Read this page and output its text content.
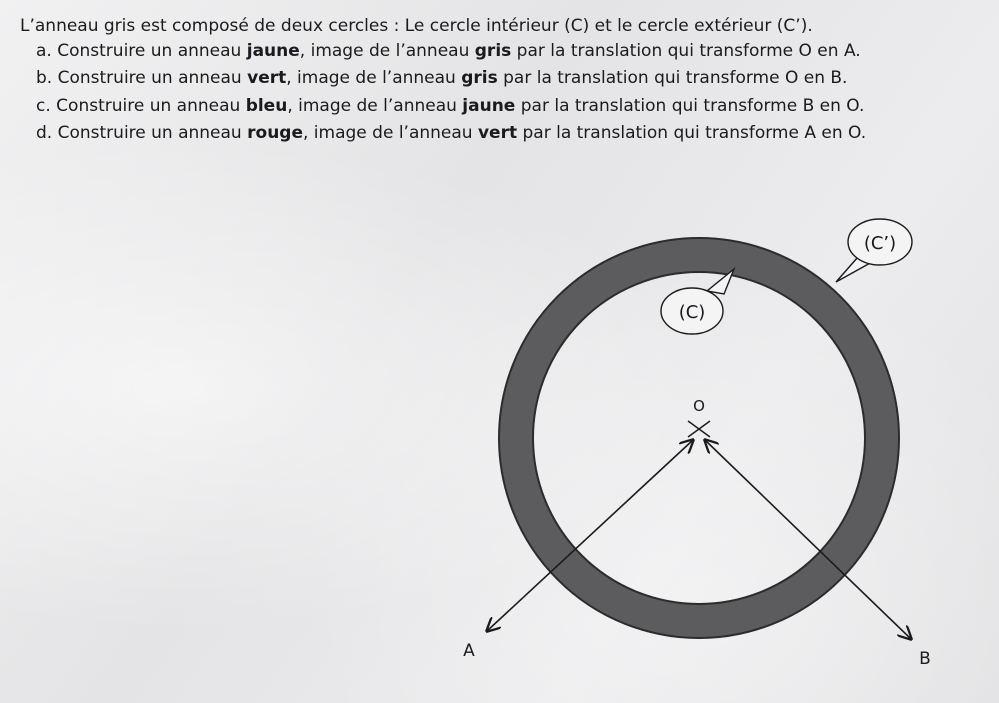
L’anneau gris est composé de deux cercles : Le cercle intérieur (C) et le cercle extérieur (C’).
a. Construire un anneau jaune, image de l’anneau gris par la translation qui transforme O en A.
b. Construire un anneau vert, image de l’anneau gris par la translation qui transforme O en B.
c. Construire un anneau bleu, image de l’anneau jaune par la translation qui transforme B en O.
d. Construire un anneau rouge, image de l’anneau vert par la translation qui transforme A en O.
(C’)
(C)
O
A	B
